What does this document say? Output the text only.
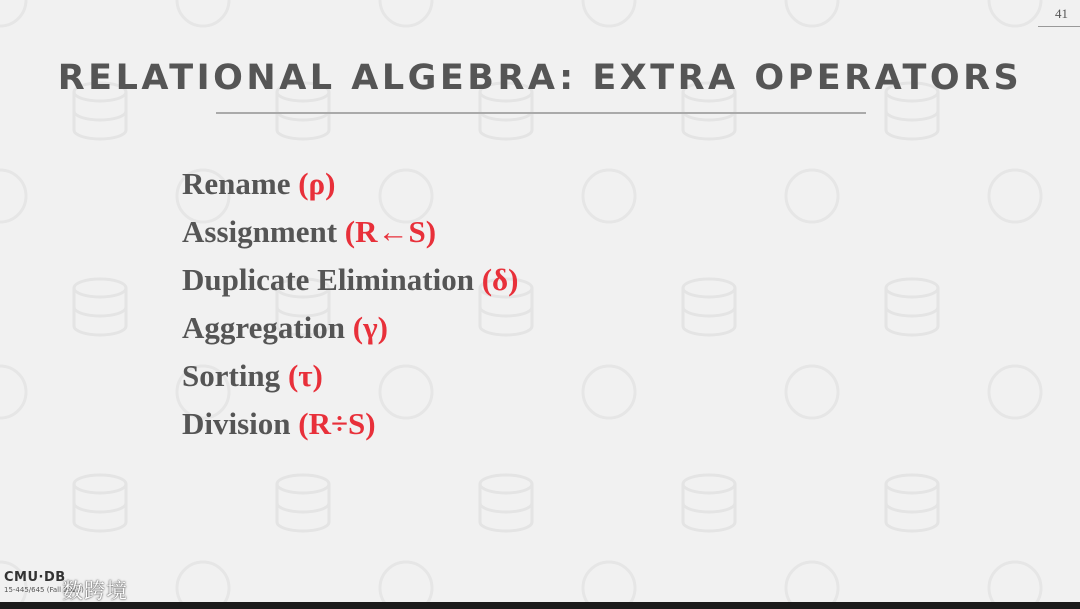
41
RELATIONAL ALGEBRA: EXTRA OPERATORS
Rename (ρ)
Assignment (R←S)
Duplicate Elimination (δ)
Aggregation (γ)
Sorting (τ)
Division (R÷S)
CMU·DB
15-445/645 (Fall 2023)
数跨境
